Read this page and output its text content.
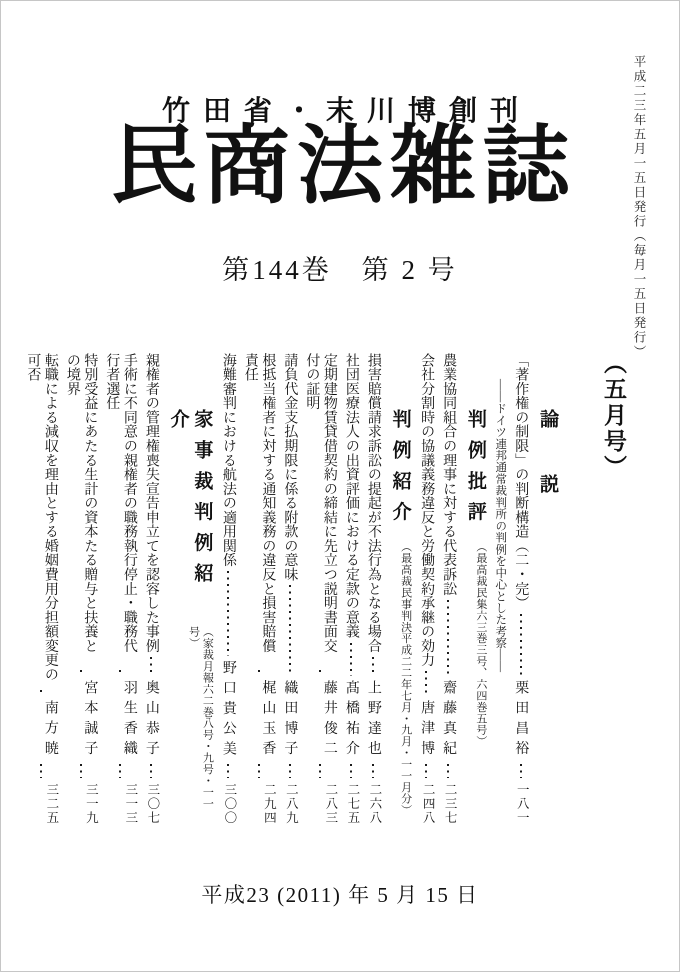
平成二三年五月一五日発行（毎月一五日発行）
竹田省・末川博創刊
民商法雑誌
第144巻　第 2 号
（五月号）
論説
「著作権の制限」の判断構造（二・完）
栗田昌裕
一八一
――ドイツ連邦通常裁判所の判例を中心とした考察――
判例批評
（最高裁民集六三巻三号、六四巻五号）
農業協同組合の理事に対する代表訴訟
齋藤真紀
二三七
会社分割時の協議義務違反と労働契約承継の効力
唐津博
二四八
判例紹介
（最高裁民事判決平成二二年七月・九月・一一月分）
損害賠償請求訴訟の提起が不法行為となる場合
上野達也
二六八
社団医療法人の出資評価における定款の意義
髙橋祐介
二七五
定期建物賃貸借契約の締結に先立つ説明書面交付の証明
藤井俊二
二八三
請負代金支払期限に係る附款の意味
織田博子
二八九
根抵当権者に対する通知義務の違反と損害賠償責任
梶山玉香
二九四
海難審判における航法の適用関係
野口貴公美
三〇〇
家事裁判例紹介
（家裁月報六二巻八号・九号・一一号）
親権者の管理権喪失宣告申立てを認容した事例
奥山恭子
三〇七
手術に不同意の親権者の職務執行停止・職務代行者選任
羽生香織
三一三
特別受益にあたる生計の資本たる贈与と扶養との境界
宮本誠子
三一九
転職による減収を理由とする婚姻費用分担額変更の可否
南方暁
三二五
平成23 (2011) 年 5 月 15 日
